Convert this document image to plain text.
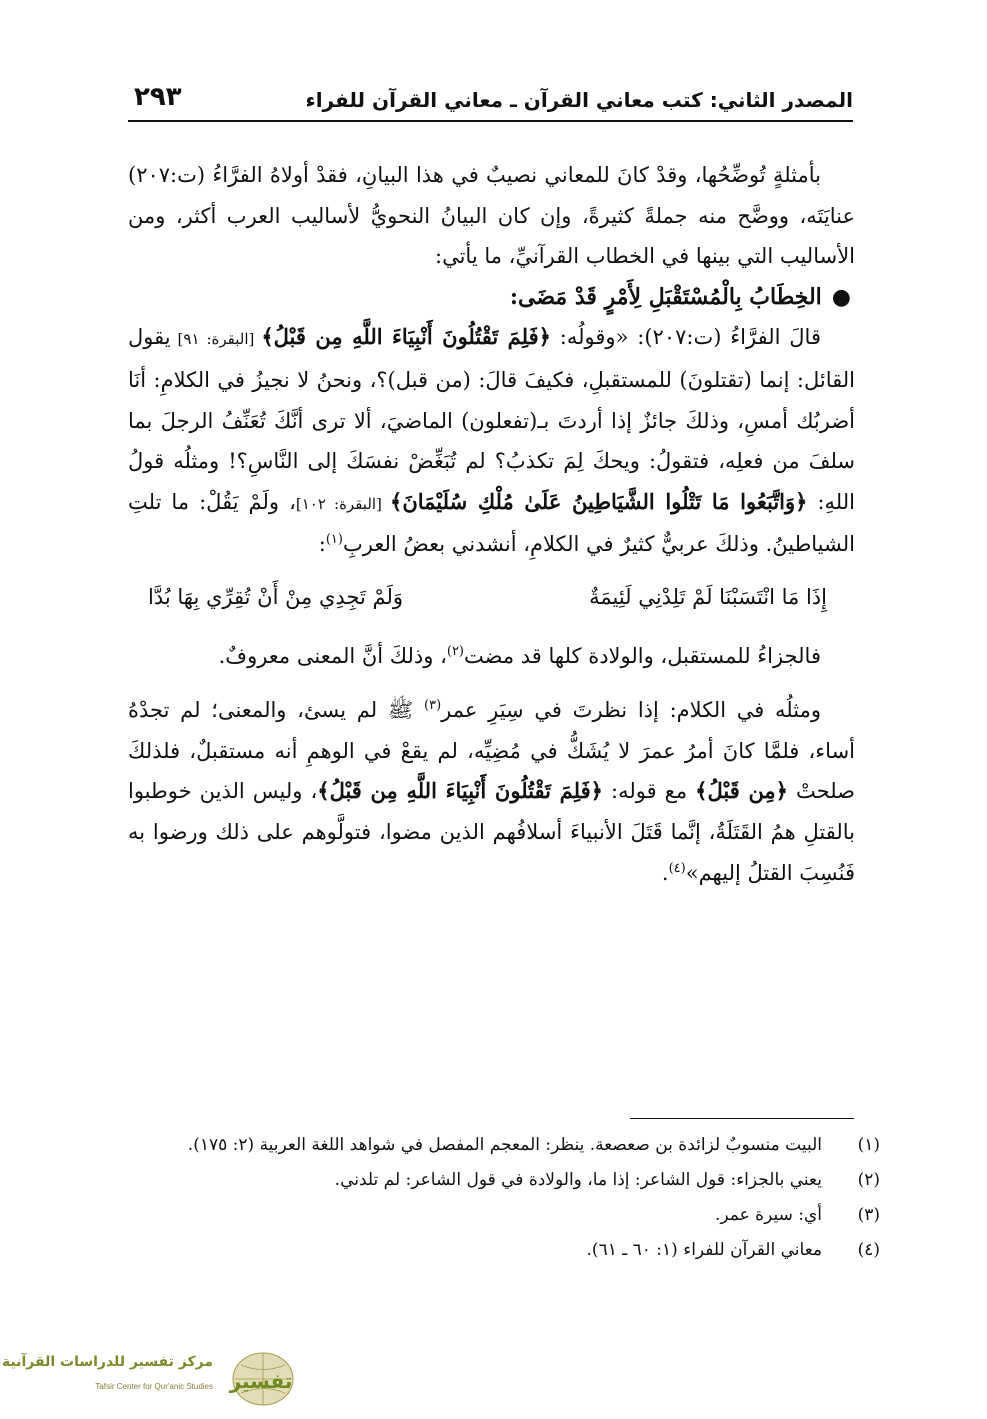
المصدر الثاني: كتب معاني القرآن ـ معاني القرآن للفراء
٢٩٣

بأمثلةٍ تُوضِّحُها، وقدْ كانَ للمعاني نصيبٌ في هذا البيانِ، فقدْ أولاهُ الفرَّاءُ (ت:٢٠٧) عنايَتَه، ووضَّح منه جملةً كثيرةً، وإن كان البيانُ النحويُّ لأساليب العرب أكثر، ومن الأساليب التي بينها في الخطاب القرآنيِّ، ما يأتي:

●الخِطَابُ بِالْمُسْتَقْبَلِ لِأَمْرٍ قَدْ مَضَى:

قالَ الفرَّاءُ (ت:٢٠٧): «وقولُه: ﴿فَلِمَ تَقْتُلُونَ أَنْبِيَاءَ اللَّهِ مِن قَبْلُ﴾ [البقرة: ٩١] يقول القائل: إنما (تقتلونَ) للمستقبلِ، فكيفَ قالَ: (من قبل)؟، ونحنُ لا نجيزُ في الكلامِ: أنَا أضربُك أمسِ، وذلكَ جائزٌ إذا أردتَ بـ(تفعلون) الماضيَ، ألا ترى أنَّكَ تُعَنِّفُ الرجلَ بما سلفَ من فعلِه، فتقولُ: ويحكَ لِمَ تكذبُ؟ لم تُبَغِّضْ نفسَكَ إلى النَّاسِ؟! ومثلُه قولُ اللهِ: ﴿وَاتَّبَعُوا مَا تَتْلُوا الشَّيَاطِينُ عَلَىٰ مُلْكِ سُلَيْمَانَ﴾ [البقرة: ١٠٢]، ولَمْ يَقُلْ: ما تلتِ الشياطينُ. وذلكَ عربيٌّ كثيرٌ في الكلامِ، أنشدني بعضُ العربِ$^{(١)}$:

إِذَا مَا انْتَسَبْنَا لَمْ تَلِدْنِي لَئِيمَةٌ
وَلَمْ تَجِدِي مِنْ أَنْ تُقِرِّي بِهَا بُدَّا

فالجزاءُ للمستقبل، والولادة كلها قد مضت$^{(٢)}$، وذلكَ أنَّ المعنى معروفٌ.

ومثلُه في الكلام: إذا نظرتَ في سِيَرِ عمر$^{(٣)}$ ﷺ لم يسئ، والمعنى؛ لم تجدْهُ أساء، فلمَّا كانَ أمرُ عمرَ لا يُشَكُّ في مُضِيِّه، لم يقعْ في الوهمِ أنه مستقبلٌ، فلذلكَ صلحتْ ﴿مِن قَبْلُ﴾ مع قوله: ﴿فَلِمَ تَقْتُلُونَ أَنْبِيَاءَ اللَّهِ مِن قَبْلُ﴾، وليس الذين خوطبوا بالقتلِ همُ القَتَلَةُ، إنَّما قَتَلَ الأنبياءَ أسلافُهم الذين مضوا، فتولَّوهم على ذلك ورضوا به فَنُسِبَ القتلُ إليهم»$^{(٤)}$.

(١)
البيت منسوبٌ لزائدة بن صعصعة. ينظر: المعجم المفصل في شواهد اللغة العربية (٢: ١٧٥).
(٢)
يعني بالجزاء: قول الشاعر: إذا ما، والولادة في قول الشاعر: لم تلدني.
(٣)
أي: سيرة عمر.
(٤)
معاني القرآن للفراء (١: ٦٠ ـ ٦١).
تفسير
مركز تفسير للدراسات القرآنية
Tafsir Center for Qur'anic Studies
